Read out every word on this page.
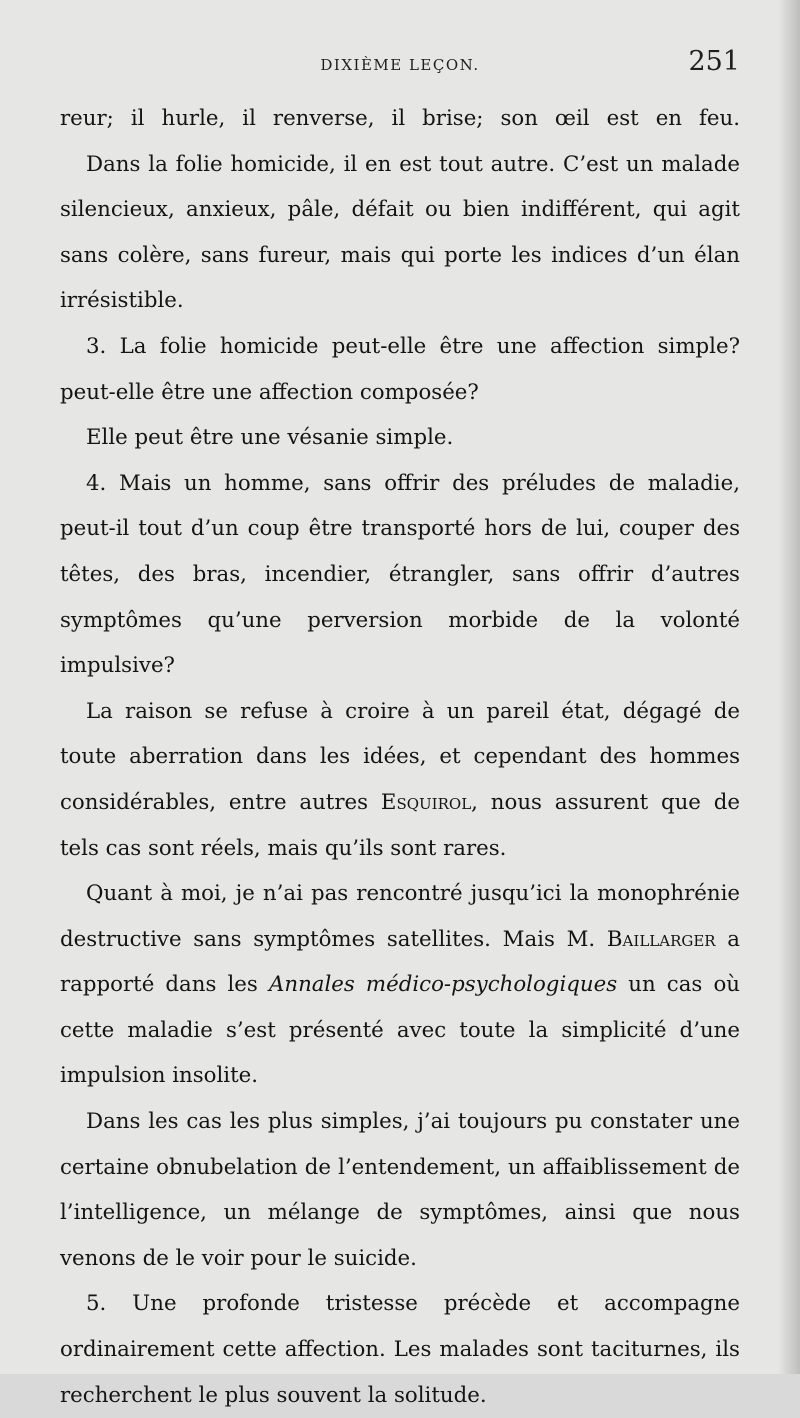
DIXIÈME LEÇON.	251

reur; il hurle, il renverse, il brise; son œil est en feu.

Dans la folie homicide, il en est tout autre. C’est un malade silencieux, anxieux, pâle, défait ou bien indifférent, qui agit sans colère, sans fureur, mais qui porte les indices d’un élan irrésistible.

3. La folie homicide peut-elle être une affection simple? peut-elle être une affection composée?

Elle peut être une vésanie simple.

4. Mais un homme, sans offrir des préludes de maladie, peut-il tout d’un coup être transporté hors de lui, couper des têtes, des bras, incendier, étrangler, sans offrir d’autres symptômes qu’une perversion morbide de la volonté impulsive?

La raison se refuse à croire à un pareil état, dégagé de toute aberration dans les idées, et cependant des hommes considérables, entre autres Esquirol, nous assurent que de tels cas sont réels, mais qu’ils sont rares.

Quant à moi, je n’ai pas rencontré jusqu’ici la monophrénie destructive sans symptômes satellites. Mais M. Baillarger a rapporté dans les Annales médico-psychologiques un cas où cette maladie s’est présenté avec toute la simplicité d’une impulsion insolite.

Dans les cas les plus simples, j’ai toujours pu constater une certaine obnubelation de l’entendement, un affaiblissement de l’intelligence, un mélange de symptômes, ainsi que nous venons de le voir pour le suicide.

5. Une profonde tristesse précède et accompagne ordinairement cette affection. Les malades sont taciturnes, ils recherchent le plus souvent la solitude.
